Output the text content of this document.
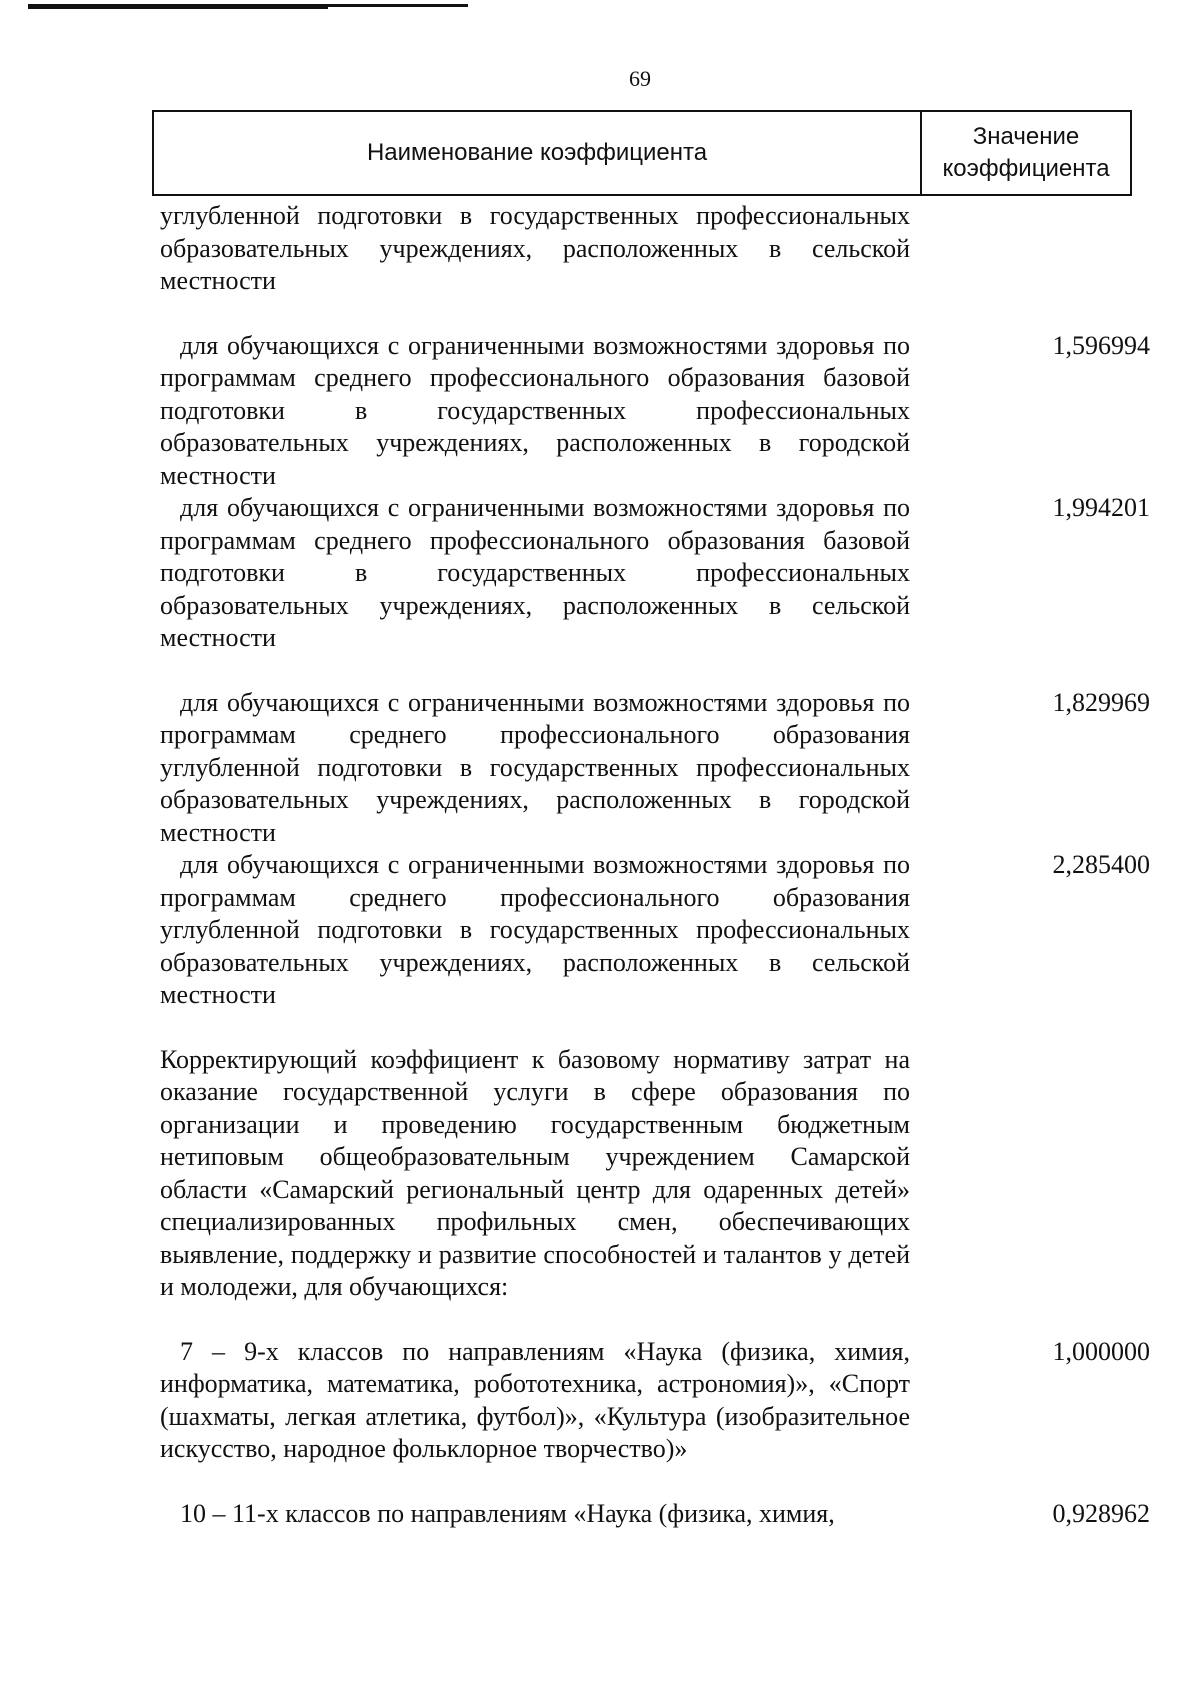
69
Наименование коэффициента
Значение
коэффициента
углубленной подготовки в государственных профессиональных образовательных учреждениях, расположенных в сельской местности
для обучающихся с ограниченными возможностями здоровья по программам среднего профессионального образования базовой подготовки в государственных профессиональных образовательных учреждениях, расположенных в городской местности
1,596994
для обучающихся с ограниченными возможностями здоровья по программам среднего профессионального образования базовой подготовки в государственных профессиональных образовательных учреждениях, расположенных в сельской местности
1,994201
для обучающихся с ограниченными возможностями здоровья по программам среднего профессионального образования углубленной подготовки в государственных профессиональных образовательных учреждениях, расположенных в городской местности
1,829969
для обучающихся с ограниченными возможностями здоровья по программам среднего профессионального образования углубленной подготовки в государственных профессиональных образовательных учреждениях, расположенных в сельской местности
2,285400
Корректирующий коэффициент к базовому нормативу затрат на оказание государственной услуги в сфере образования по организации и проведению государственным бюджетным нетиповым общеобразовательным учреждением Самарской области «Самарский региональный центр для одаренных детей» специализированных профильных смен, обеспечивающих выявление, поддержку и развитие способностей и талантов у детей и молодежи, для обучающихся:
7 – 9-х классов по направлениям «Наука (физика, химия, информатика, математика, робототехника, астрономия)», «Спорт (шахматы, легкая атлетика, футбол)», «Культура (изобразительное искусство, народное фольклорное творчество)»
1,000000
10 – 11-х классов по направлениям «Наука (физика, химия,	0,928962
